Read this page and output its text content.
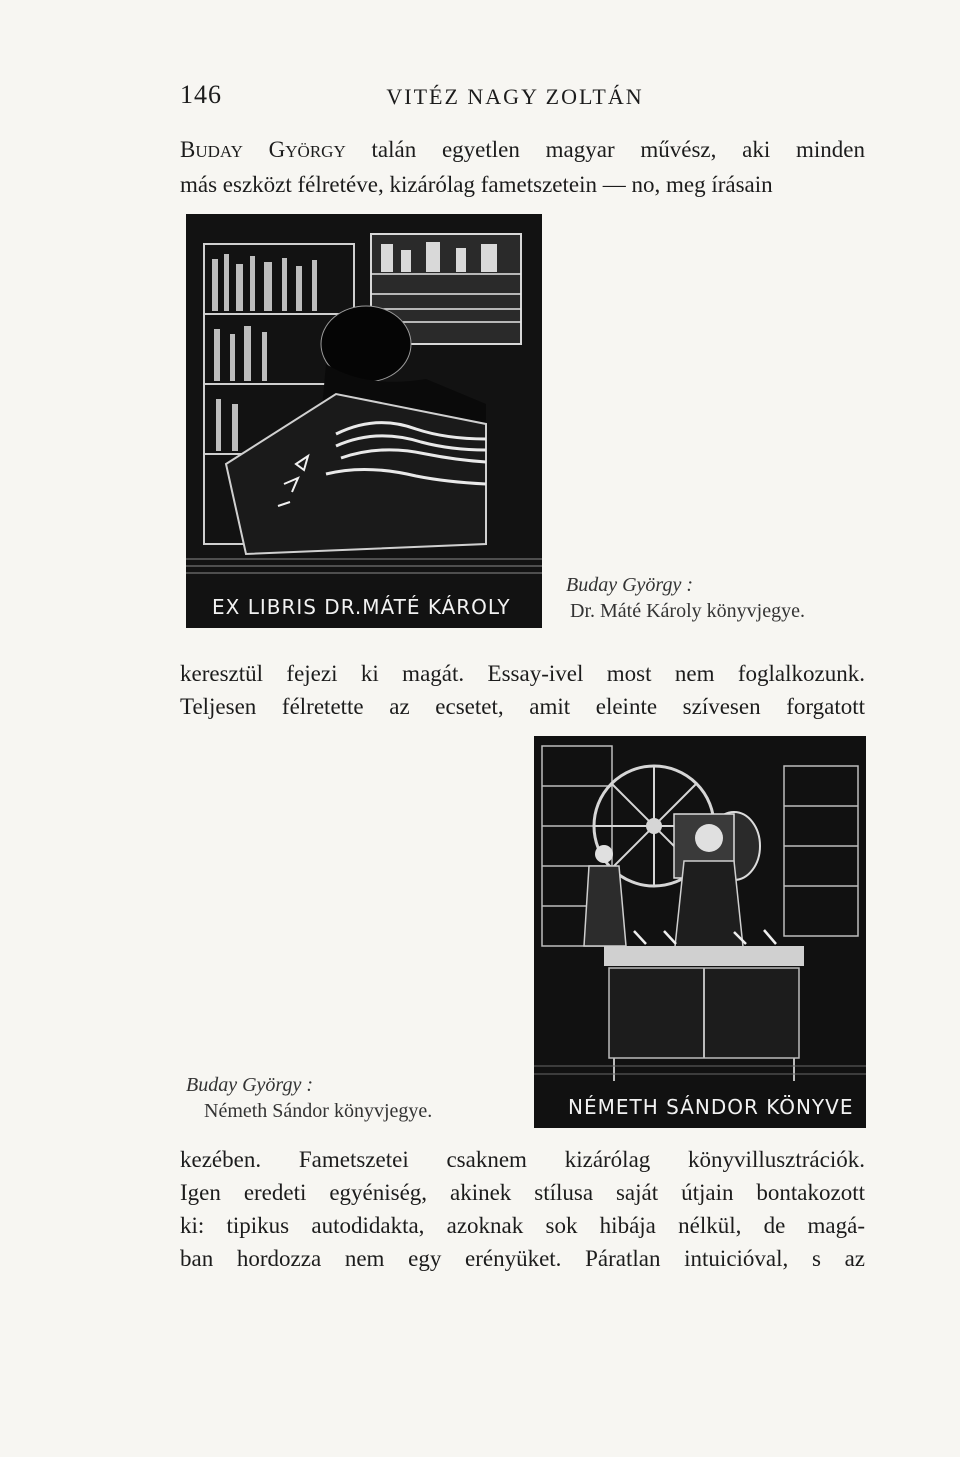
146	VITÉZ NAGY ZOLTÁN
BUDAY GYÖRGY talán egyetlen magyar művész, aki minden
más eszközt félretéve, kizárólag fametszetein — no, meg írásain
EX LIBRIS DR.MÁTÉ KÁROLY
Buday György :
Dr. Máté Károly könyvjegye.
keresztül fejezi ki magát. Essay-ivel most nem foglalkozunk.
Teljesen félretette az ecsetet, amit eleinte szívesen forgatott
NÉMETH SÁNDOR KÖNYVE
Buday György :
Németh Sándor könyvjegye.
kezében. Fametszetei csaknem kizárólag könyvillusztrációk.
Igen eredeti egyéniség, akinek stílusa saját útjain bontakozott
ki: tipikus autodidakta, azoknak sok hibája nélkül, de magá-
ban hordozza nem egy erényüket. Páratlan intuicióval, s az
